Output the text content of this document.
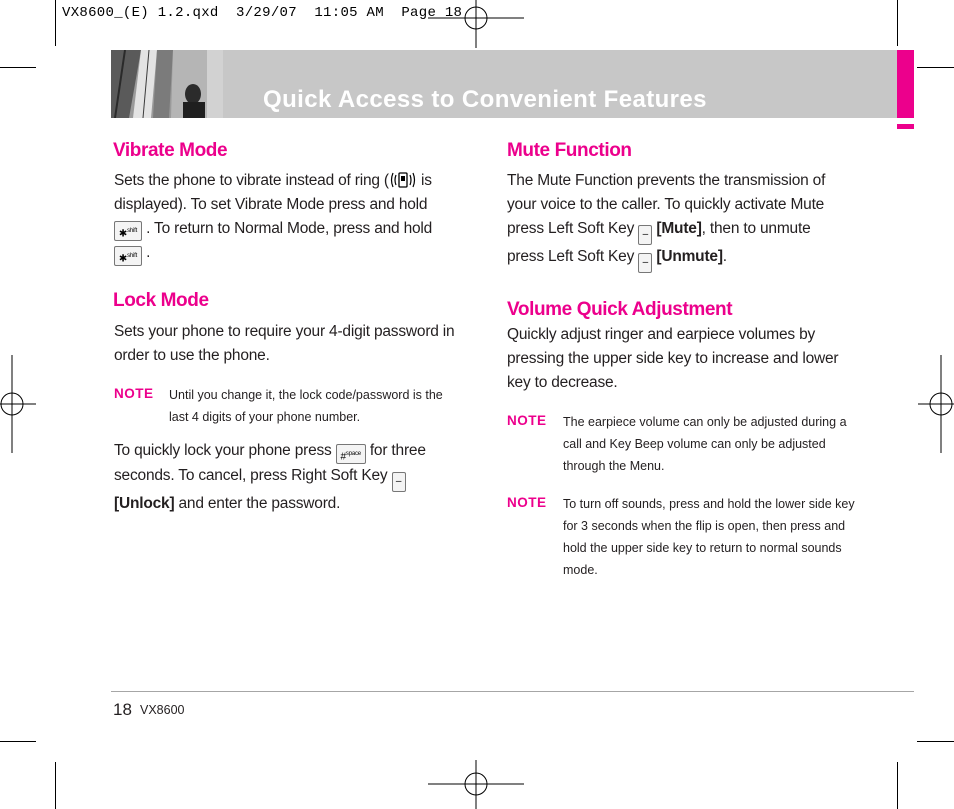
VX8600_(E) 1.2.qxd  3/29/07  11:05 AM  Page 18
Quick Access to Convenient Features
Vibrate Mode
Sets the phone to vibrate instead of ring ( is
displayed). To set Vibrate Mode press and hold
✱$^{shift}$ . To return to Normal Mode, press and hold
✱$^{shift}$ .
Lock Mode
Sets your phone to require your 4-digit password in order to use the phone.
NOTE Until you change it, the lock code/password is the last 4 digits of your phone number.
To quickly lock your phone press #$^{space}$ for three
seconds. To cancel, press Right Soft Key –
[Unlock] and enter the password.
Mute Function
The Mute Function prevents the transmission of
your voice to the caller. To quickly activate Mute
press Left Soft Key – [Mute], then to unmute
press Left Soft Key – [Unmute].
Volume Quick Adjustment
Quickly adjust ringer and earpiece volumes by pressing the upper side key to increase and lower key to decrease.
NOTE The earpiece volume can only be adjusted during a call and Key Beep volume can only be adjusted through the Menu.
NOTE To turn off sounds, press and hold the lower side key for 3 seconds when the flip is open, then press and hold the upper side key to return to normal sounds mode.
18 VX8600
